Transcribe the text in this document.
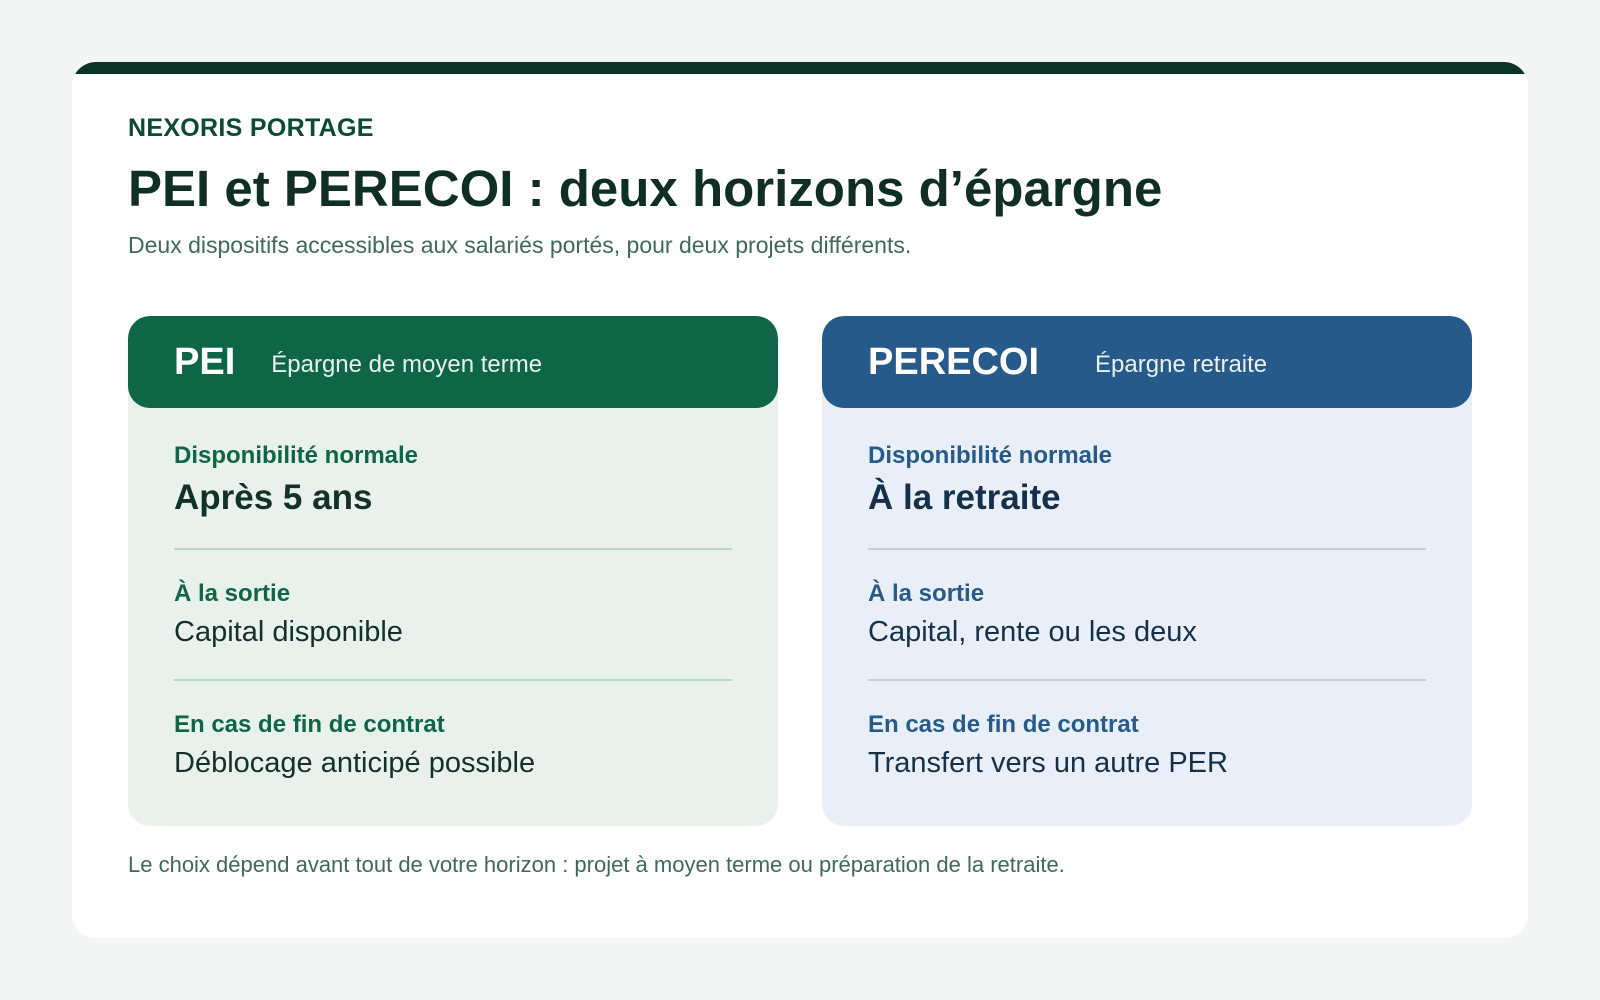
NEXORIS PORTAGE
PEI et PERECOI : deux horizons d’épargne
Deux dispositifs accessibles aux salariés portés, pour deux projets différents.
PEI Épargne de moyen terme
Disponibilité normale
Après 5 ans
À la sortie
Capital disponible
En cas de fin de contrat
Déblocage anticipé possible
PERECOI Épargne retraite
Disponibilité normale
À la retraite
À la sortie
Capital, rente ou les deux
En cas de fin de contrat
Transfert vers un autre PER
Le choix dépend avant tout de votre horizon : projet à moyen terme ou préparation de la retraite.
